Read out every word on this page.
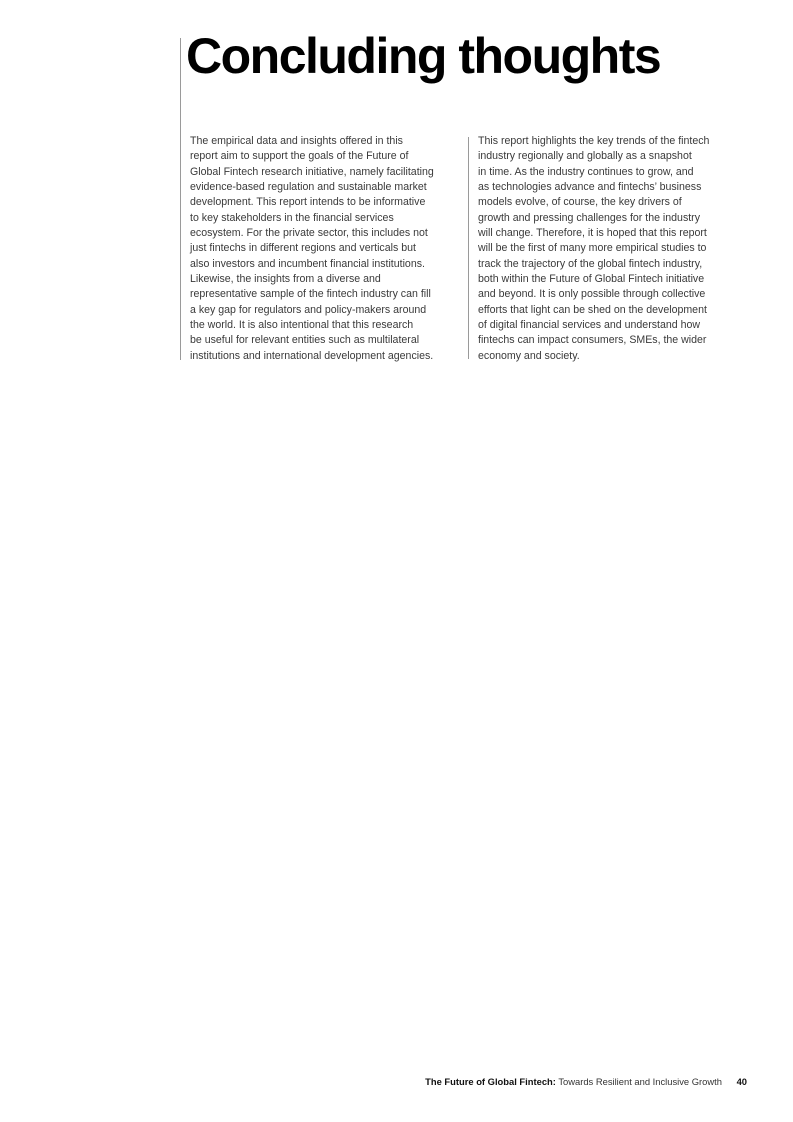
Concluding thoughts

The empirical data and insights offered in this
report aim to support the goals of the Future of
Global Fintech research initiative, namely facilitating
evidence-based regulation and sustainable market
development. This report intends to be informative
to key stakeholders in the financial services
ecosystem. For the private sector, this includes not
just fintechs in different regions and verticals but
also investors and incumbent financial institutions.
Likewise, the insights from a diverse and
representative sample of the fintech industry can fill
a key gap for regulators and policy-makers around
the world. It is also intentional that this research
be useful for relevant entities such as multilateral
institutions and international development agencies.

This report highlights the key trends of the fintech
industry regionally and globally as a snapshot
in time. As the industry continues to grow, and
as technologies advance and fintechs’ business
models evolve, of course, the key drivers of
growth and pressing challenges for the industry
will change. Therefore, it is hoped that this report
will be the first of many more empirical studies to
track the trajectory of the global fintech industry,
both within the Future of Global Fintech initiative
and beyond. It is only possible through collective
efforts that light can be shed on the development
of digital financial services and understand how
fintechs can impact consumers, SMEs, the wider
economy and society.

The Future of Global Fintech: Towards Resilient and Inclusive Growth 40
